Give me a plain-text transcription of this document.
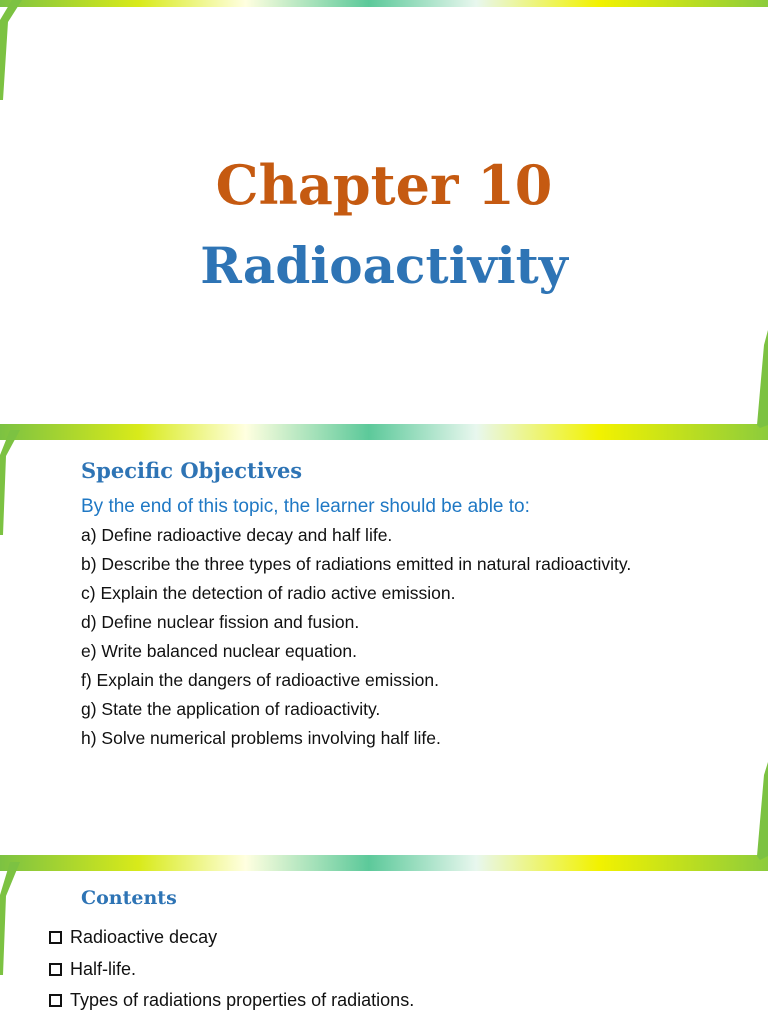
Chapter 10
Radioactivity
Specific Objectives
By the end of this topic, the learner should be able to:
a) Define radioactive decay and half life.
b) Describe the three types of radiations emitted in natural radioactivity.
c) Explain the detection of radio active emission.
d) Define nuclear fission and fusion.
e) Write balanced nuclear equation.
f) Explain the dangers of radioactive emission.
g) State the application of radioactivity.
h) Solve numerical problems involving half life.
Contents
Radioactive decay
Half-life.
Types of radiations properties of radiations.
